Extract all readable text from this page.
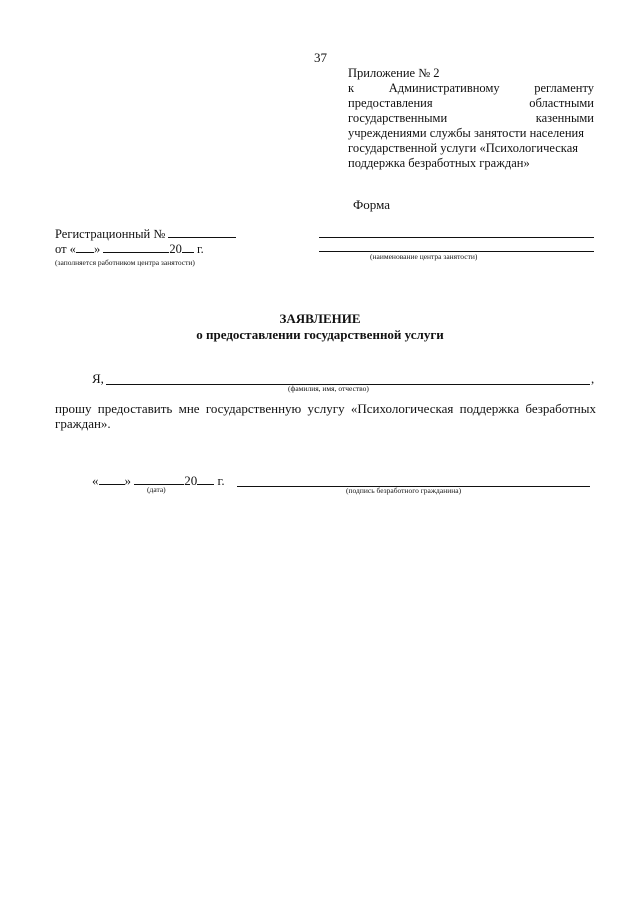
37
Приложение № 2
к	Административному	регламенту
предоставления	областными
государственными	казенными
учреждениями службы занятости населения
государственной услуги «Психологическая
поддержка безработных граждан»
Форма
Регистрационный №
от « »	20 г.
(заполняется работником центра занятости)
(наименование центра занятости)
ЗАЯВЛЕНИЕ
о предоставлении государственной услуги
Я,	,
(фамилия, имя, отчество)
прошу предоставить мне государственную услугу «Психологическая поддержка безработных граждан».
« »	20 г.
(дата)	(подпись безработного гражданина)
